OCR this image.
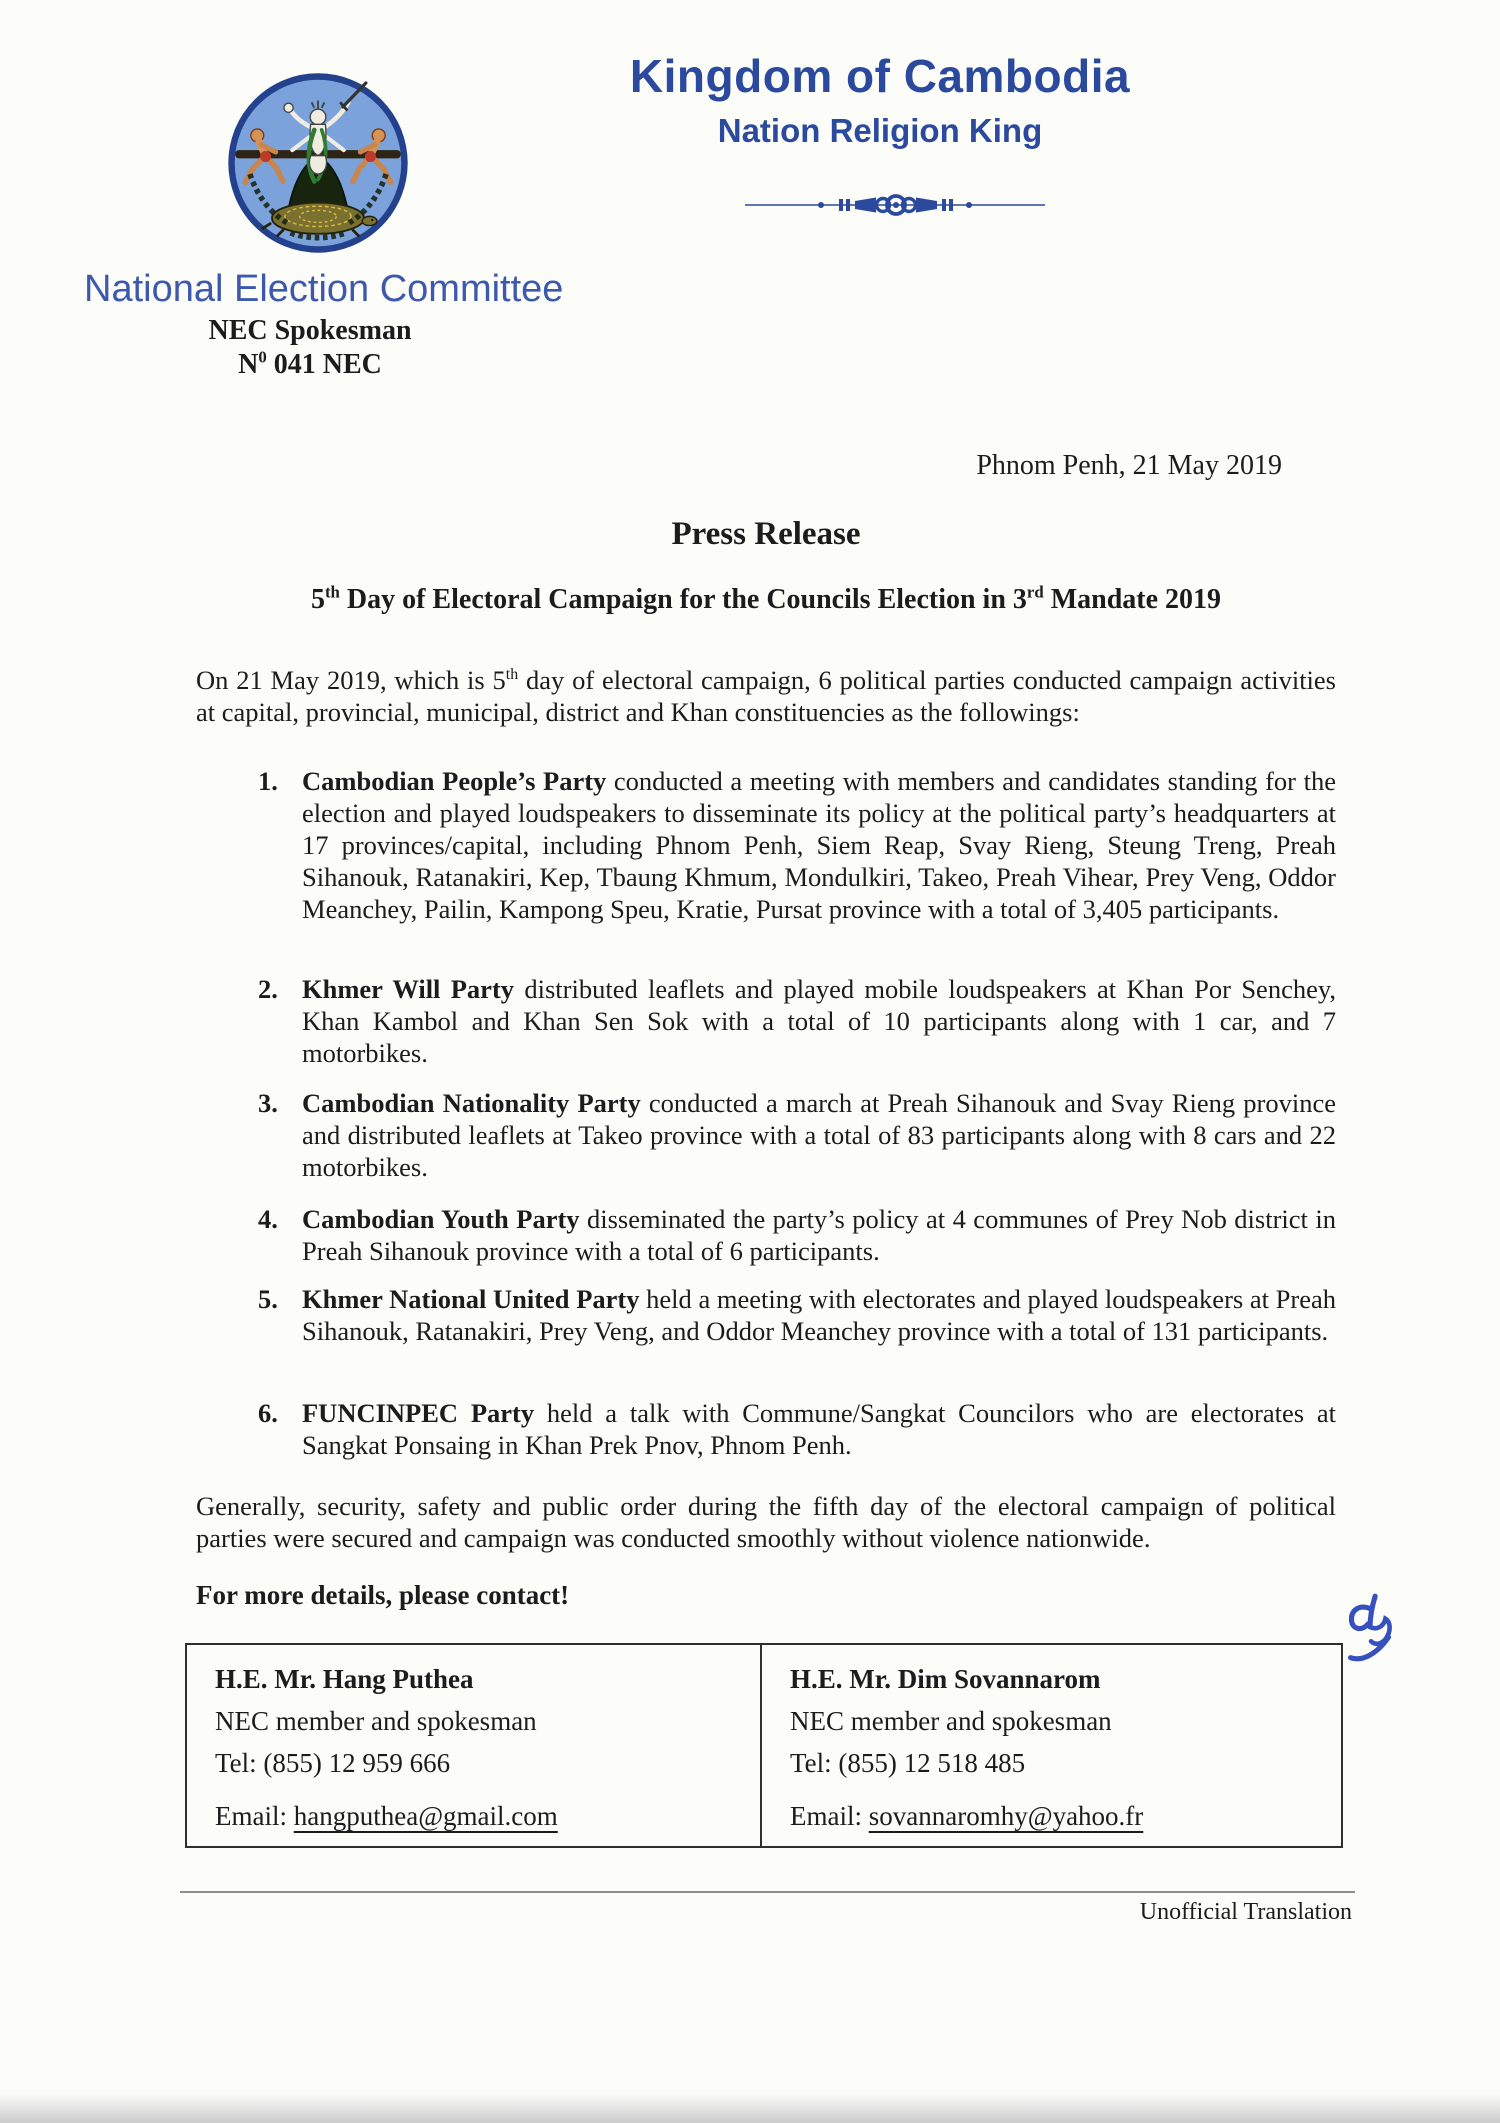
Kingdom of Cambodia
Nation Religion King
National Election Committee
NEC Spokesman
$N^0$ 041 NEC
Phnom Penh, 21 May 2019
Press Release
5th Day of Electoral Campaign for the Councils Election in 3rd Mandate 2019
On 21 May 2019, which is 5th day of electoral campaign, 6 political parties conducted campaign activities at capital, provincial, municipal, district and Khan constituencies as the followings:
1. Cambodian People’s Party conducted a meeting with members and candidates standing for the election and played loudspeakers to disseminate its policy at the political party’s headquarters at 17 provinces/capital, including Phnom Penh, Siem Reap, Svay Rieng, Steung Treng, Preah Sihanouk, Ratanakiri, Kep, Tbaung Khmum, Mondulkiri, Takeo, Preah Vihear, Prey Veng, Oddor Meanchey, Pailin, Kampong Speu, Kratie, Pursat province with a total of 3,405 participants.
2. Khmer Will Party distributed leaflets and played mobile loudspeakers at Khan Por Senchey, Khan Kambol and Khan Sen Sok with a total of 10 participants along with 1 car, and 7 motorbikes.
3. Cambodian Nationality Party conducted a march at Preah Sihanouk and Svay Rieng province and distributed leaflets at Takeo province with a total of 83 participants along with 8 cars and 22 motorbikes.
4. Cambodian Youth Party disseminated the party’s policy at 4 communes of Prey Nob district in Preah Sihanouk province with a total of 6 participants.
5. Khmer National United Party held a meeting with electorates and played loudspeakers at Preah Sihanouk, Ratanakiri, Prey Veng, and Oddor Meanchey province with a total of 131 participants.
6. FUNCINPEC Party held a talk with Commune/Sangkat Councilors who are electorates at Sangkat Ponsaing in Khan Prek Pnov, Phnom Penh.
Generally, security, safety and public order during the fifth day of the electoral campaign of political parties were secured and campaign was conducted smoothly without violence nationwide.
For more details, please contact!
H.E. Mr. Hang Puthea
NEC member and spokesman
Tel: (855) 12 959 666
Email: hangputhea@gmail.com
H.E. Mr. Dim Sovannarom
NEC member and spokesman
Tel: (855) 12 518 485
Email: sovannaromhy@yahoo.fr
Unofficial Translation
